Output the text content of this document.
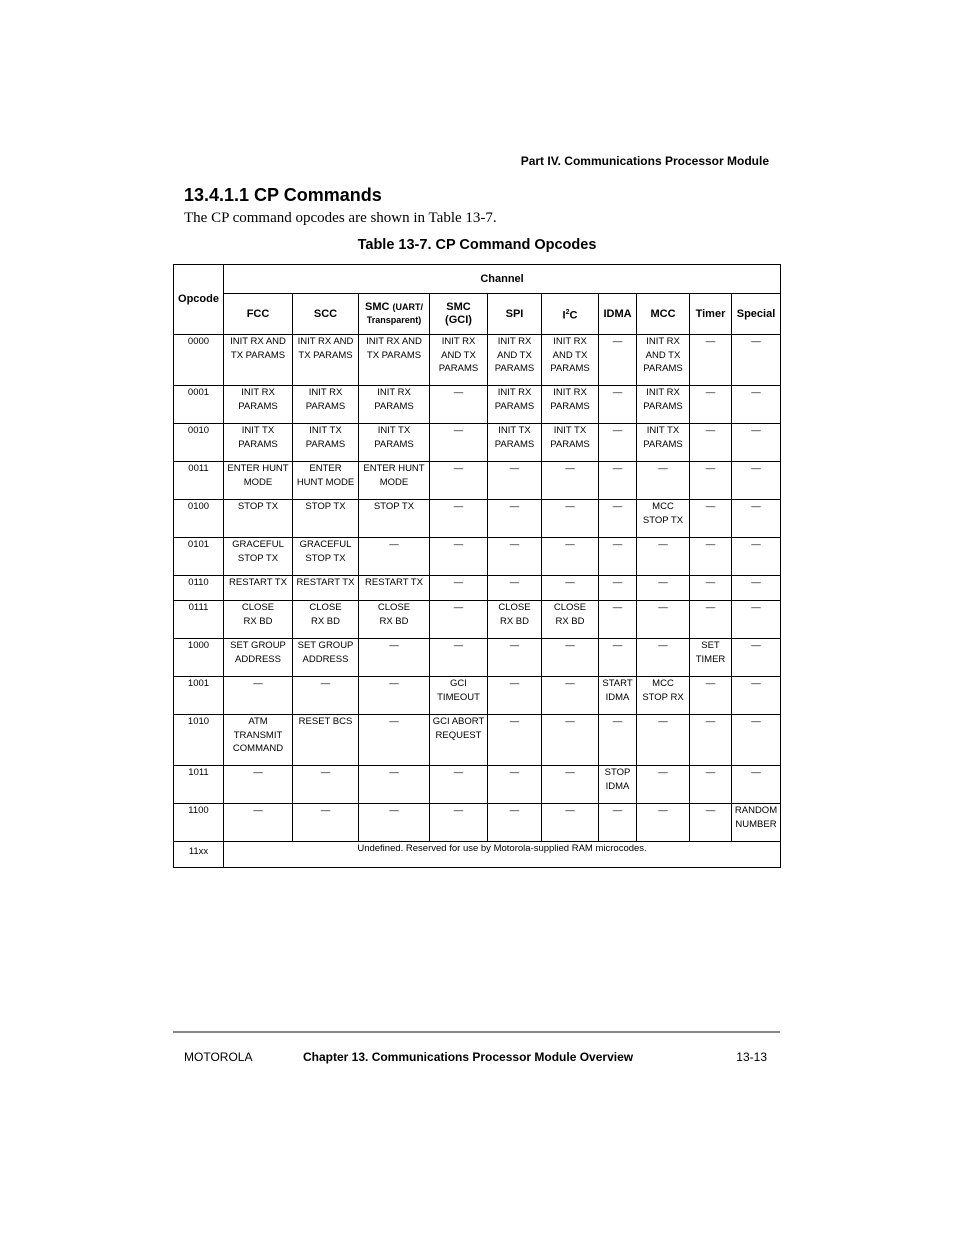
Part IV. Communications Processor Module
13.4.1.1 CP Commands
The CP command opcodes are shown in Table 13-7.
Table 13-7. CP Command Opcodes
Opcode	Channel									
	FCC	SCC	SMC (UART/
Transparent)	SMC
(GCI)	SPI	$I^2C$	IDMA	MCC	Timer	Special
0000	INIT RX AND
TX PARAMS	INIT RX AND
TX PARAMS	INIT RX AND
TX PARAMS	INIT RX
AND TX
PARAMS	INIT RX
AND TX
PARAMS	INIT RX
AND TX
PARAMS	—	INIT RX
AND TX
PARAMS	—	—
0001	INIT RX
PARAMS	INIT RX
PARAMS	INIT RX
PARAMS	—	INIT RX
PARAMS	INIT RX
PARAMS	—	INIT RX
PARAMS	—	—
0010	INIT TX
PARAMS	INIT TX
PARAMS	INIT TX
PARAMS	—	INIT TX
PARAMS	INIT TX
PARAMS	—	INIT TX
PARAMS	—	—
0011	ENTER HUNT
MODE	ENTER
HUNT MODE	ENTER HUNT
MODE	—	—	—	—	—	—	—
0100	STOP TX	STOP TX	STOP TX	—	—	—	—	MCC
STOP TX	—	—
0101	GRACEFUL
STOP TX	GRACEFUL
STOP TX	—	—	—	—	—	—	—	—
0110	RESTART TX	RESTART TX	RESTART TX	—	—	—	—	—	—	—
0111	CLOSE
RX BD	CLOSE
RX BD	CLOSE
RX BD	—	CLOSE
RX BD	CLOSE
RX BD	—	—	—	—
1000	SET GROUP
ADDRESS	SET GROUP
ADDRESS	—	—	—	—	—	—	SET
TIMER	—
1001	—	—	—	GCI
TIMEOUT	—	—	START
IDMA	MCC
STOP RX	—	—
1010	ATM
TRANSMIT
COMMAND	RESET BCS	—	GCI ABORT
REQUEST	—	—	—	—	—	—
1011	—	—	—	—	—	—	STOP
IDMA	—	—	—
1100	—	—	—	—	—	—	—	—	—	RANDOM
NUMBER
11xx	Undefined. Reserved for use by Motorola-supplied RAM microcodes.									
MOTOROLA	Chapter 13. Communications Processor Module Overview	13-13
